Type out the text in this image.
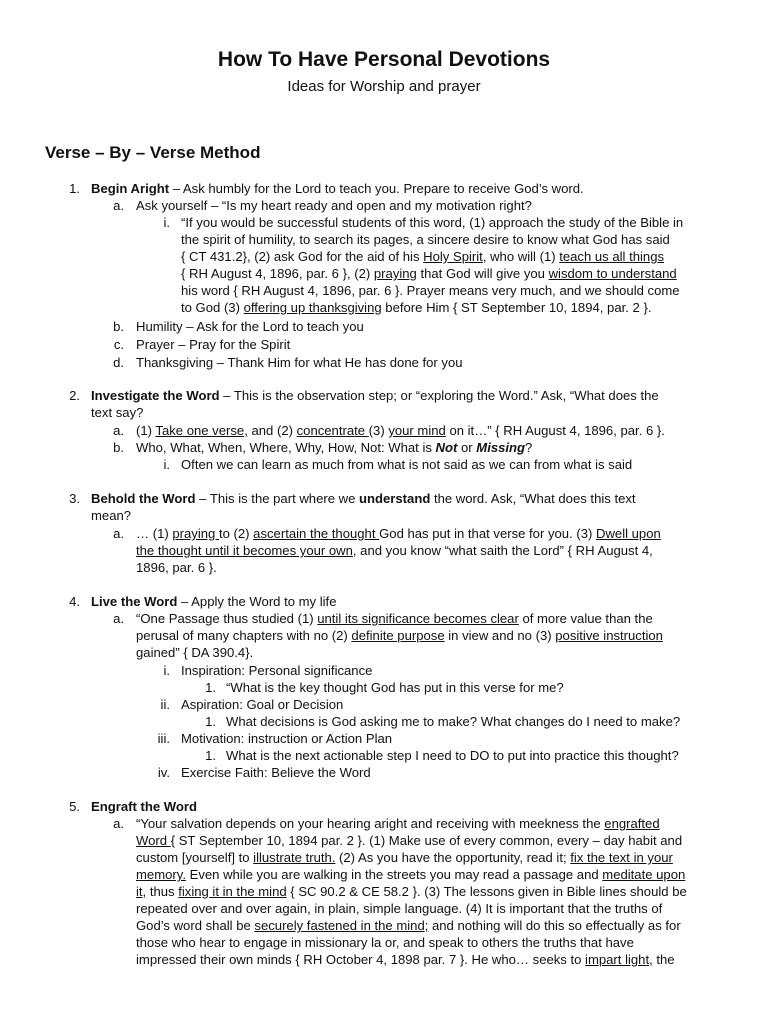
How To Have Personal Devotions
Ideas for Worship and prayer
Verse – By – Verse Method
1. Begin Aright – Ask humbly for the Lord to teach you. Prepare to receive God’s word.
a. Ask yourself – “Is my heart ready and open and my motivation right?
i. “If you would be successful students of this word, (1) approach the study of the Bible in
the spirit of humility, to search its pages, a sincere desire to know what God has said
{ CT 431.2}, (2) ask God for the aid of his Holy Spirit, who will (1) teach us all things
{ RH August 4, 1896, par. 6 }, (2) praying that God will give you wisdom to understand
his word { RH August 4, 1896, par. 6 }. Prayer means very much, and we should come
to God (3) offering up thanksgiving before Him { ST September 10, 1894, par. 2 }.
b. Humility – Ask for the Lord to teach you
c. Prayer – Pray for the Spirit
d. Thanksgiving – Thank Him for what He has done for you
2. Investigate the Word – This is the observation step; or “exploring the Word.” Ask, “What does the
text say?
a. (1) Take one verse, and (2) concentrate (3) your mind on it…” { RH August 4, 1896, par. 6 }.
b. Who, What, When, Where, Why, How, Not: What is Not or Missing?
i. Often we can learn as much from what is not said as we can from what is said
3. Behold the Word – This is the part where we understand the word. Ask, “What does this text
mean?
a. … (1) praying to (2) ascertain the thought God has put in that verse for you. (3) Dwell upon
the thought until it becomes your own, and you know “what saith the Lord” { RH August 4,
1896, par. 6 }.
4. Live the Word – Apply the Word to my life
a. “One Passage thus studied (1) until its significance becomes clear of more value than the
perusal of many chapters with no (2) definite purpose in view and no (3) positive instruction
gained” { DA 390.4}.
i. Inspiration: Personal significance
1. “What is the key thought God has put in this verse for me?
ii. Aspiration: Goal or Decision
1. What decisions is God asking me to make? What changes do I need to make?
iii. Motivation: instruction or Action Plan
1. What is the next actionable step I need to DO to put into practice this thought?
iv. Exercise Faith: Believe the Word
5. Engraft the Word
a. “Your salvation depends on your hearing aright and receiving with meekness the engrafted
Word { ST September 10, 1894 par. 2 }. (1) Make use of every common, every – day habit and
custom [yourself] to illustrate truth. (2) As you have the opportunity, read it; fix the text in your
memory. Even while you are walking in the streets you may read a passage and meditate upon
it, thus fixing it in the mind { SC 90.2 & CE 58.2 }. (3) The lessons given in Bible lines should be
repeated over and over again, in plain, simple language. (4) It is important that the truths of
God’s word shall be securely fastened in the mind; and nothing will do this so effectually as for
those who hear to engage in missionary la or, and speak to others the truths that have
impressed their own minds { RH October 4, 1898 par. 7 }. He who… seeks to impart light, the
